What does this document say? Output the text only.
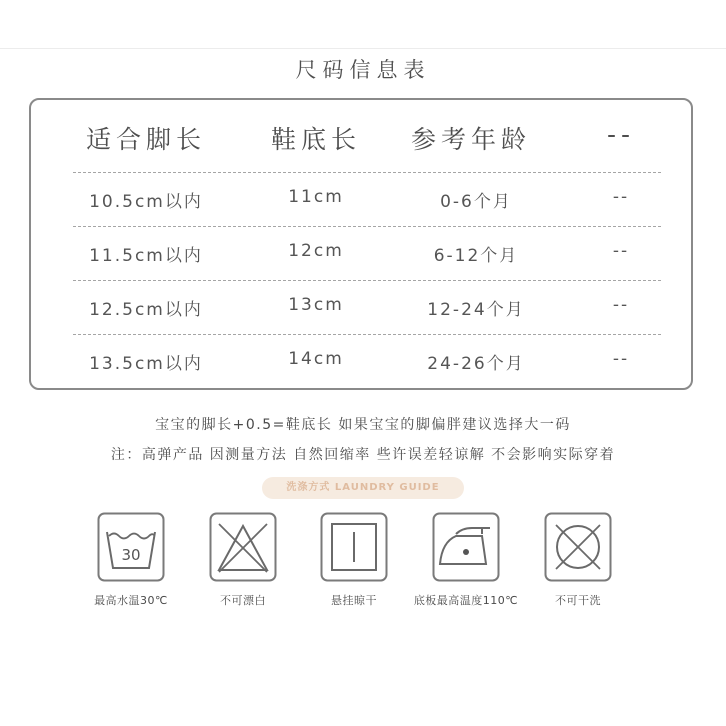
尺码信息表
适合脚长	鞋底长	参考年龄	--
10.5cm以内	11cm	0-6个月	--
11.5cm以内	12cm	6-12个月	--
12.5cm以内	13cm	12-24个月	--
13.5cm以内	14cm	24-26个月	--
宝宝的脚长+0.5=鞋底长 如果宝宝的脚偏胖建议选择大一码
注：高弹产品 因测量方法 自然回缩率 些许误差轻谅解 不会影响实际穿着
洗涤方式 LAUNDRY GUIDE
30
最高水温30℃	不可漂白	悬挂晾干	底板最高温度110℃	不可干洗
